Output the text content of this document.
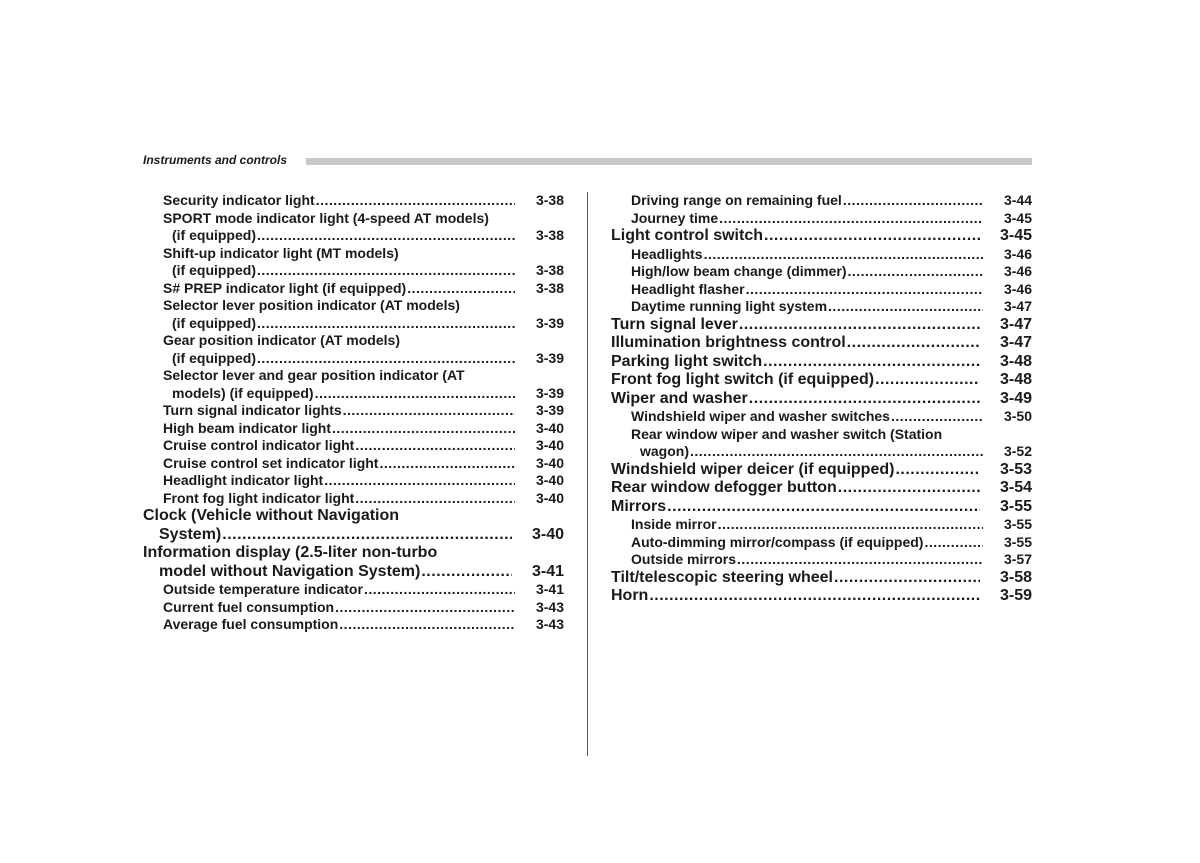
Instruments and controls
Security indicator light .....	3-38
SPORT mode indicator light (4-speed AT models)
(if equipped) .....	3-38
Shift-up indicator light (MT models)
(if equipped) .....	3-38
S# PREP indicator light (if equipped) .....	3-38
Selector lever position indicator (AT models)
(if equipped) .....	3-39
Gear position indicator (AT models)
(if equipped) .....	3-39
Selector lever and gear position indicator (AT
models) (if equipped) .....	3-39
Turn signal indicator lights .....	3-39
High beam indicator light .....	3-40
Cruise control indicator light .....	3-40
Cruise control set indicator light .....	3-40
Headlight indicator light .....	3-40
Front fog light indicator light .....	3-40
Clock (Vehicle without Navigation
System) .....	3-40
Information display (2.5-liter non-turbo
model without Navigation System) .....	3-41
Outside temperature indicator .....	3-41
Current fuel consumption .....	3-43
Average fuel consumption .....	3-43
Driving range on remaining fuel .....	3-44
Journey time .....	3-45
Light control switch .....	3-45
Headlights .....	3-46
High/low beam change (dimmer) .....	3-46
Headlight flasher .....	3-46
Daytime running light system .....	3-47
Turn signal lever .....	3-47
Illumination brightness control .....	3-47
Parking light switch .....	3-48
Front fog light switch (if equipped) .....	3-48
Wiper and washer .....	3-49
Windshield wiper and washer switches .....	3-50
Rear window wiper and washer switch (Station
wagon) .....	3-52
Windshield wiper deicer (if equipped) .....	3-53
Rear window defogger button .....	3-54
Mirrors .....	3-55
Inside mirror .....	3-55
Auto-dimming mirror/compass (if equipped) .....	3-55
Outside mirrors .....	3-57
Tilt/telescopic steering wheel .....	3-58
Horn .....	3-59
